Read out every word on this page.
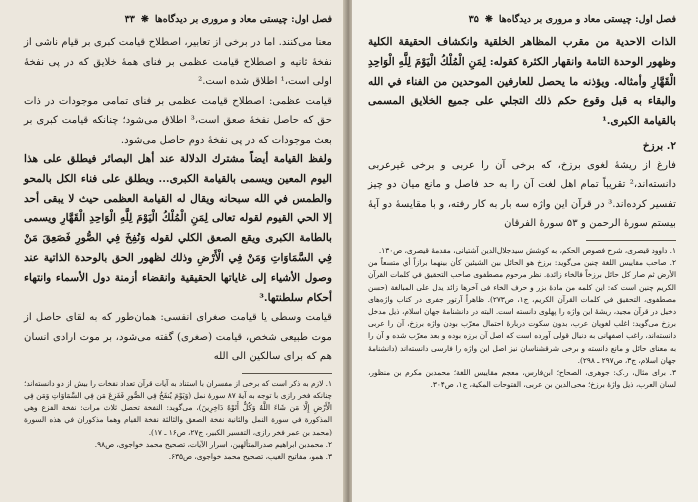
فصل اول: چیستی معاد و مروری بر دیدگاه‌ها
❋
۳۳

معنا می‌کنند. اما در برخی از تعابیر، اصطلاح قیامت کبری بر قیام ناشی از نفخهٔ ثانیه و اصطلاح قیامت عظمی بر فنای همهٔ خلایق که در پی نفخهٔ اولی است،¹ اطلاق شده است.²

قیامت عظمی: اصطلاح قیامت عظمی بر فنای تمامی موجودات در ذات حق که حاصل نفخهٔ صعق است،³ اطلاق می‌شود؛ چنانکه قیامت کبری بر بعث موجودات که در پی نفخهٔ دوم حاصل می‌شود.

ولفظ القيامة أيضاً مشترك الدلالة عند أهل البصائر فيطلق على هذا اليوم المعين ويسمى بالقيامة الكبرى... ويطلق على فناء الكل بالمحو والطمس في الله سبحانه ويقال له القيامة العظمى حيث لا يبقى أحد إلا الحي القيوم لقوله تعالى لِمَنِ الْمُلْكُ الْيَوْمَ لِلَّهِ الْوَاحِدِ الْقَهَّارِ ويسمى بالطامة الكبرى ويقع الصعق الكلي لقوله وَنُفِخَ فِي الصُّورِ فَصَعِقَ مَنْ فِي السَّمَاوَاتِ وَمَنْ فِي الْأَرْضِ وذلك لظهور الحق بالوحدة الذاتية عند وصول الأشياء إلى غاياتها الحقيقية وانقضاء أزمنة دول الأسماء وانتهاء أحكام سلطنتها.³

قیامت وسطی یا قیامت صغرای انفسی: همان‌طور که به لقای حاصل از موت طبیعی شخص، قیامت (صغری) گفته می‌شود، بر موت ارادی انسان هم که برای سالکین الی الله

۱. لازم به ذکر است که برخی از مفسران با استناد به آیات قرآن تعداد نفخات را بیش از دو دانسته‌اند؛ چنانکه فخر رازی با توجه به آیهٔ ۸۷ سورهٔ نمل (وَيَوْمَ يُنفَخُ فِي الصُّورِ فَفَزِعَ مَن فِي السَّمَاوَاتِ وَمَن فِي الْأَرْضِ إِلَّا مَن شَاءَ اللَّهُ وَكُلٌّ أَتَوْهُ دَاخِرِينَ)، می‌گوید: النفخة تحصل ثلاث مرات: نفخة الفزع وهي المذكورة في سورة النمل والثانية نفخة الصعق والثالثة نفخة القيام وهما مذكوران في هذه السورة (محمد بن عمر فخر رازی، التفسیر الکبیر، ج۲۷، ص۱۶ ـ ۱۷).

۲. محمدبن ابراهیم صدرالمتألهین، اسرار الآیات، تصحیح محمد خواجوی، ص۹۸.

۳. همو، مفاتیح الغیب، تصحیح محمد خواجوی، ص۶۳۵.

فصل اول: چیستی معاد و مروری بر دیدگاه‌ها
❋
۳۵

الذات الاحدية من مقرب المظاهر الخلقية وانكشاف الحقيقة الكلية وظهور الوحدة التامة وانقهار الكثرة كقوله: لِمَنِ الْمُلْكُ الْيَوْمَ لِلَّهِ الْوَاحِدِ الْقَهَّارِ وأمثاله. ويؤذنه ما يحصل للعارفين الموحدين من الفناء في الله والبقاء به قبل وقوع حكم ذلك التجلي على جميع الخلايق المسمى بالقيامة الكبرى.¹

۲. برزخ

فارغ از ریشهٔ لغوی برزخ، که برخی آن را عربی و برخی غیرعربی دانسته‌اند،² تقریباً تمام اهل لغت آن را به حد فاصل و مانع میان دو چیز تفسیر کرده‌اند.³ در قرآن این واژه سه بار به کار رفته، و با مقایسهٔ دو آیهٔ بیستم سورهٔ الرحمن و ۵۳ سورهٔ الفرقان

۱. داوود قیصری، شرح فصوص الحکم، به کوشش سیدجلال‌الدین آشتیانی، مقدمهٔ قیصری، ص۱۳۰.

۲. صاحب مقاییس اللغة چنین می‌گوید: برزخ هو الحائل بين الشيئين كأن بينهما برازاً أي متسعاً من الأرض ثم صار كل حائل برزخاً فالخاء زائدة. نظر مرحوم مصطفوی صاحب التحقيق في كلمات القرآن الكريم چنین است که: این کلمه من مادهٔ بزر و حرف الخاء فی آخرها زائد يدل على المبالغة (حسن مصطفوی، التحقیق في کلمات القرآن الکریم، ج۱، ص۲۷۳). ظاهراً آرتور جفری در کتاب واژه‌های دخیل در قرآن مجید، ریشهٔ این واژه را پهلوی دانسته است. البته در دانشنامهٔ جهان اسلام، ذیل مدخل برزخ می‌گوید: اغلب لغویان عرب، بدون سکوت دربارهٔ احتمال معرّب بودن واژه برزخ، آن را عربی دانسته‌اند، راغب اصفهانی به دنبال قولی آورده است که اصل آن برزه بوده و بعد معرّب شده و آن را به معنای حائل و مانع دانسته و برخی شرقشناسان نیز اصل این واژه را فارسی دانسته‌اند (دانشنامهٔ جهان اسلام، ج۳، ص۲۹۷ ـ ۲۹۸).

۳. برای مثال، ر.ک: جوهری، الصحاح؛ ابن‌فارس، معجم مقاییس اللغة؛ محمدبن مکرم بن منظور، لسان العرب، ذیل واژهٔ برزخ؛ محی‌الدین بن عربی، الفتوحات المکیة، ج۱، ص۳۰۴.
